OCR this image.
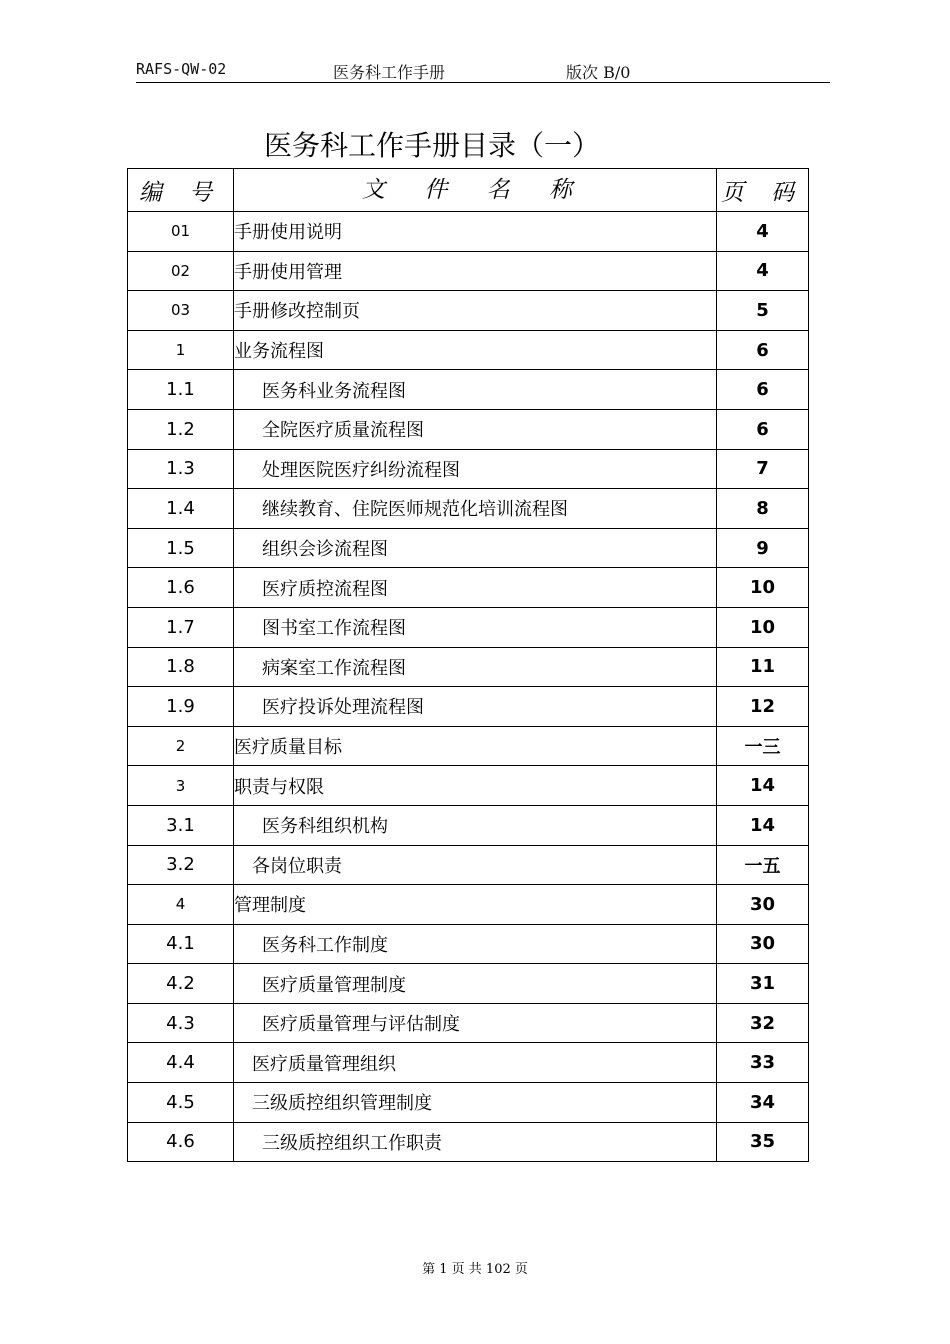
RAFS-QW-02	医务科工作手册	版次 B/0
医务科工作手册目录（一）
编 号	文 件 名 称	页 码
01	手册使用说明	4
02	手册使用管理	4
03	手册修改控制页	5
1	业务流程图	6
1.1	医务科业务流程图	6
1.2	全院医疗质量流程图	6
1.3	处理医院医疗纠纷流程图	7
1.4	继续教育、住院医师规范化培训流程图	8
1.5	组织会诊流程图	9
1.6	医疗质控流程图	10
1.7	图书室工作流程图	10
1.8	病案室工作流程图	11
1.9	医疗投诉处理流程图	12
2	医疗质量目标	一三
3	职责与权限	14
3.1	医务科组织机构	14
3.2	各岗位职责	一五
4	管理制度	30
4.1	医务科工作制度	30
4.2	医疗质量管理制度	31
4.3	医疗质量管理与评估制度	32
4.4	医疗质量管理组织	33
4.5	三级质控组织管理制度	34
4.6	三级质控组织工作职责	35
第 1 页 共 102 页
